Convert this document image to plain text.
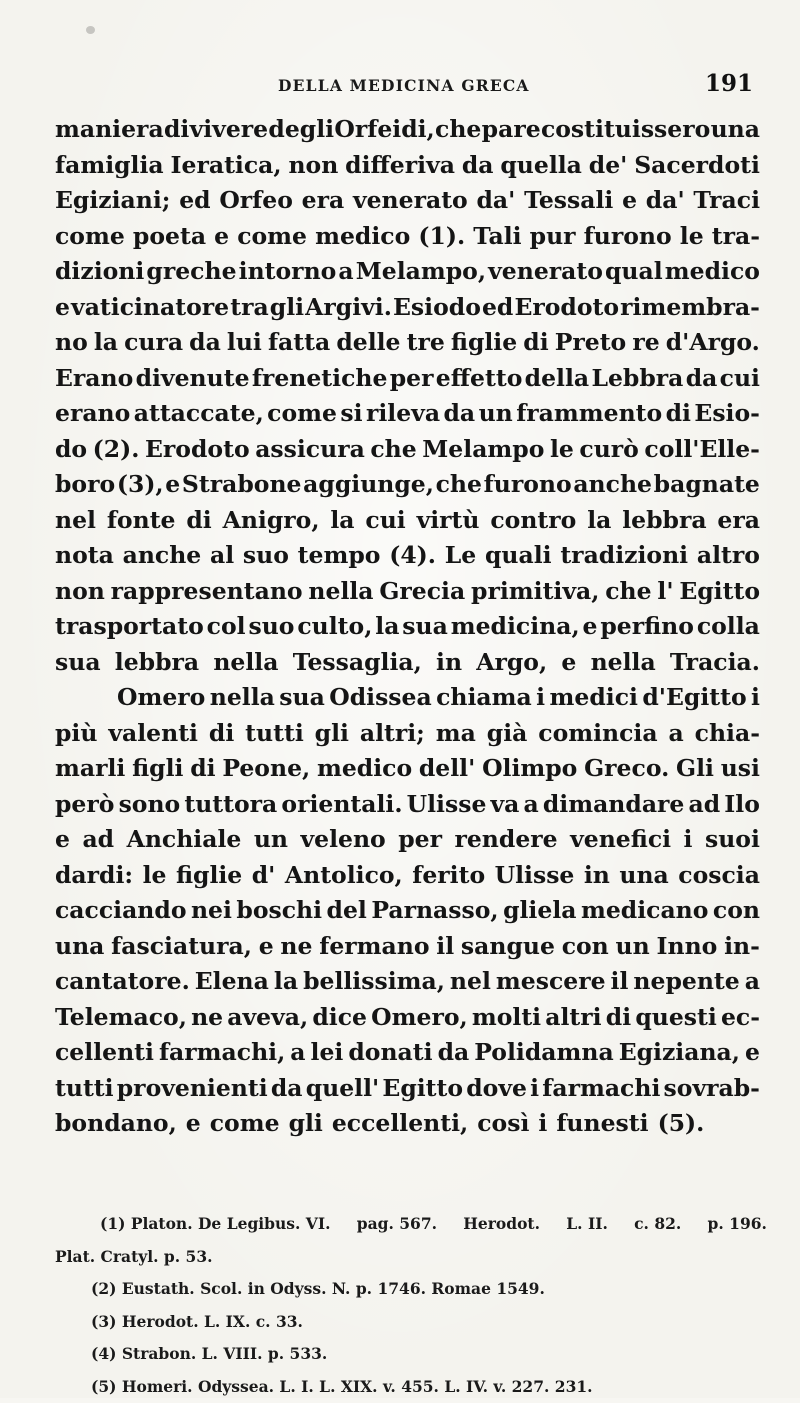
DELLA MEDICINA GRECA	191
maniera di vivere degli Orfeidi, che pare costituissero una
famiglia Ieratica, non differiva da quella de' Sacerdoti
Egiziani; ed Orfeo era venerato da' Tessali e da' Traci
come poeta e come medico (1). Tali pur furono le tra-
dizioni greche intorno a Melampo, venerato qual medico
e vaticinatore tra gli Argivi. Esiodo ed Erodoto rimembra-
no la cura da lui fatta delle tre figlie di Preto re d'Argo.
Erano divenute frenetiche per effetto della Lebbra da cui
erano attaccate, come si rileva da un frammento di Esio-
do (2). Erodoto assicura che Melampo le curò coll'Elle-
boro (3), e Strabone aggiunge, che furono anche bagnate
nel fonte di Anigro, la cui virtù contro la lebbra era
nota anche al suo tempo (4). Le quali tradizioni altro
non rappresentano nella Grecia primitiva, che l' Egitto
trasportato col suo culto, la sua medicina, e perfino colla
sua lebbra nella Tessaglia, in Argo, e nella Tracia.
Omero nella sua Odissea chiama i medici d'Egitto i
più valenti di tutti gli altri; ma già comincia a chia-
marli figli di Peone, medico dell' Olimpo Greco. Gli usi
però sono tuttora orientali. Ulisse va a dimandare ad Ilo
e ad Anchiale un veleno per rendere venefici i suoi
dardi: le figlie d' Antolico, ferito Ulisse in una coscia
cacciando nei boschi del Parnasso, gliela medicano con
una fasciatura, e ne fermano il sangue con un Inno in-
cantatore. Elena la bellissima, nel mescere il nepente a
Telemaco, ne aveva, dice Omero, molti altri di questi ec-
cellenti farmachi, a lei donati da Polidamna Egiziana, e
tutti provenienti da quell' Egitto dove i farmachi sovrab-
bondano, e come gli eccellenti, così i funesti (5).
(1) Platon. De Legibus. VI. pag. 567. Herodot. L. II. c. 82. p. 196.
Plat. Cratyl. p. 53.
(2) Eustath. Scol. in Odyss. N. p. 1746. Romae 1549.
(3) Herodot. L. IX. c. 33.
(4) Strabon. L. VIII. p. 533.
(5) Homeri. Odyssea. L. I. L. XIX. v. 455. L. IV. v. 227. 231.
